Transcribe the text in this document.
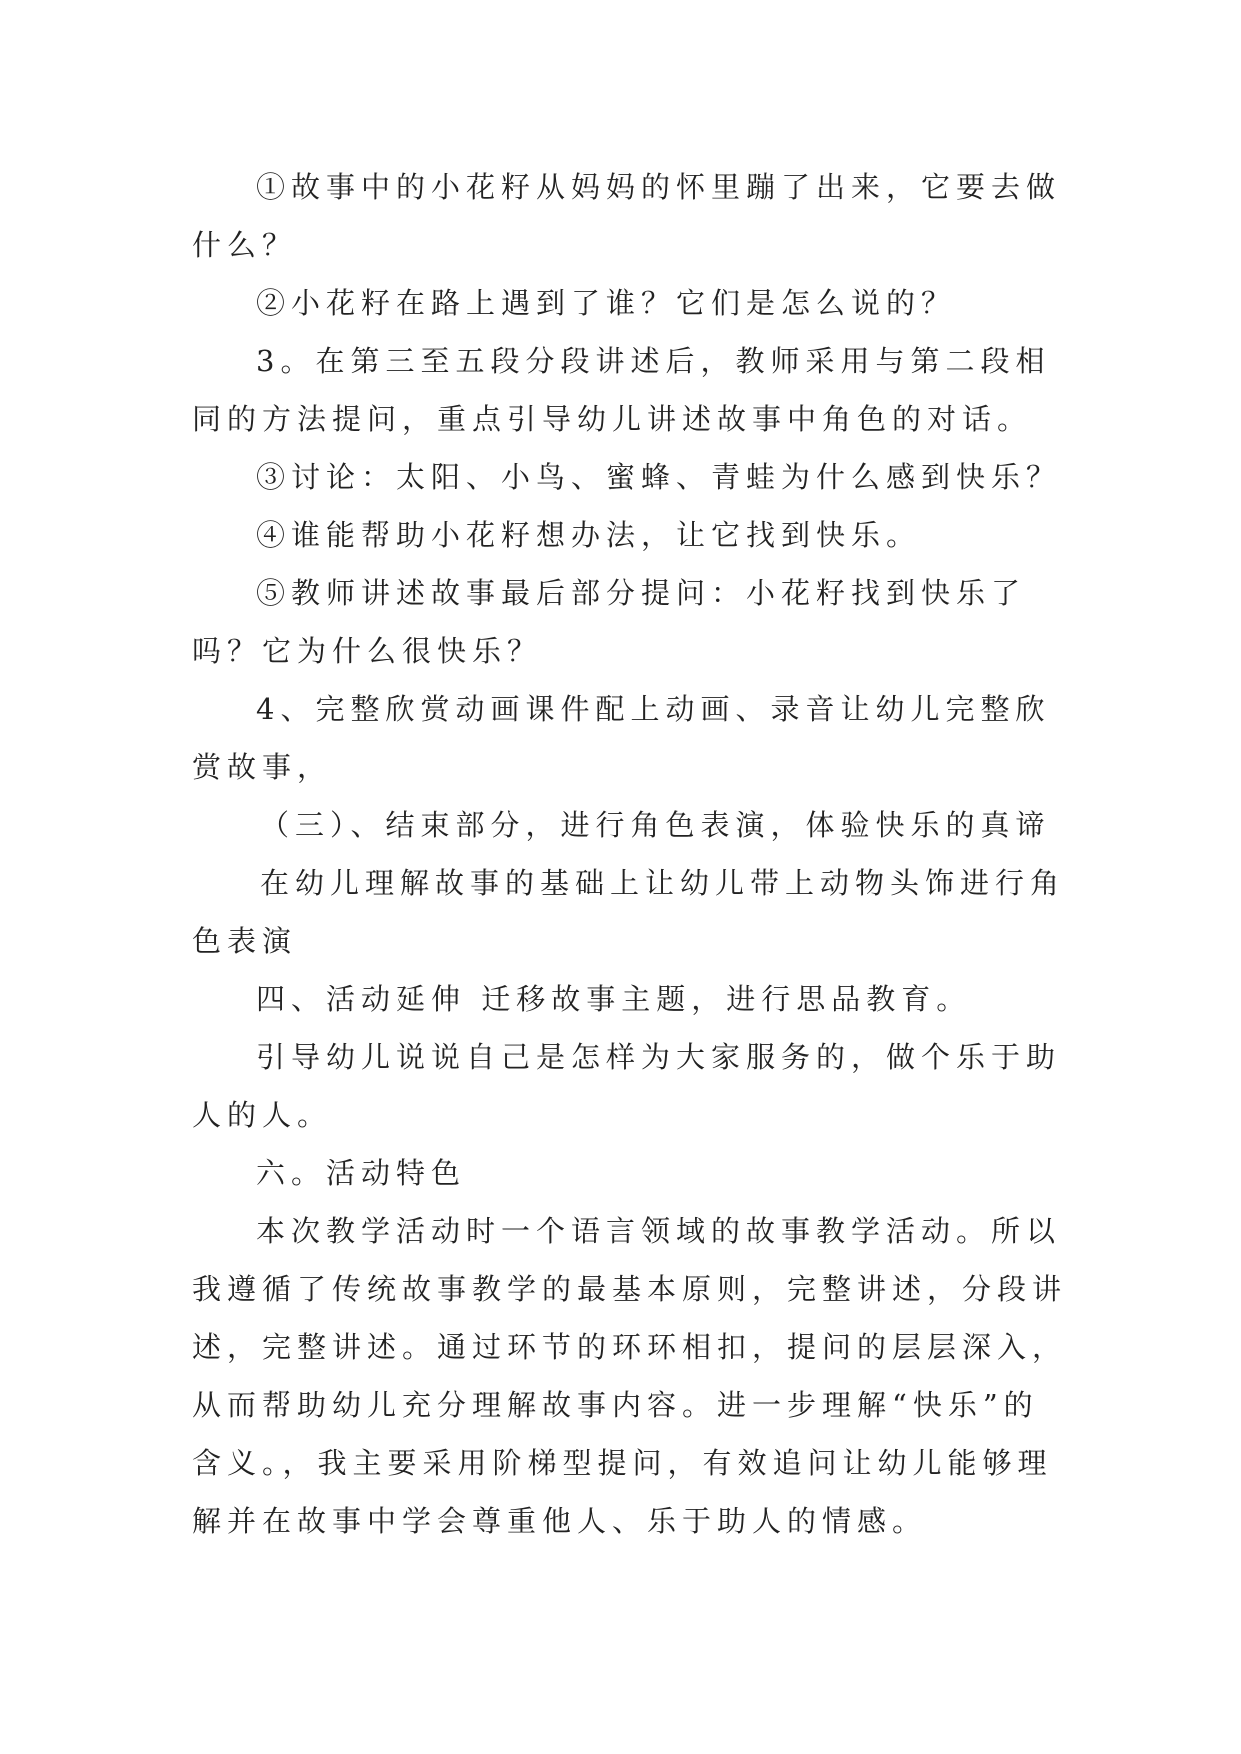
①故事中的小花籽从妈妈的怀里蹦了出来，它要去做什么？

②小花籽在路上遇到了谁？它们是怎么说的？

3。在第三至五段分段讲述后，教师采用与第二段相同的方法提问，重点引导幼儿讲述故事中角色的对话。

③讨论：太阳、小鸟、蜜蜂、青蛙为什么感到快乐？

④谁能帮助小花籽想办法，让它找到快乐。

⑤教师讲述故事最后部分提问：小花籽找到快乐了吗？它为什么很快乐？

4、完整欣赏动画课件配上动画、录音让幼儿完整欣赏故事，

（三）、结束部分，进行角色表演，体验快乐的真谛

在幼儿理解故事的基础上让幼儿带上动物头饰进行角色表演

四、活动延伸 迁移故事主题，进行思品教育。

引导幼儿说说自己是怎样为大家服务的，做个乐于助人的人。

六。活动特色

本次教学活动时一个语言领域的故事教学活动。所以我遵循了传统故事教学的最基本原则，完整讲述，分段讲述，完整讲述。通过环节的环环相扣，提问的层层深入，从而帮助幼儿充分理解故事内容。进一步理解“快乐”的含义。，我主要采用阶梯型提问，有效追问让幼儿能够理解并在故事中学会尊重他人、乐于助人的情感。
